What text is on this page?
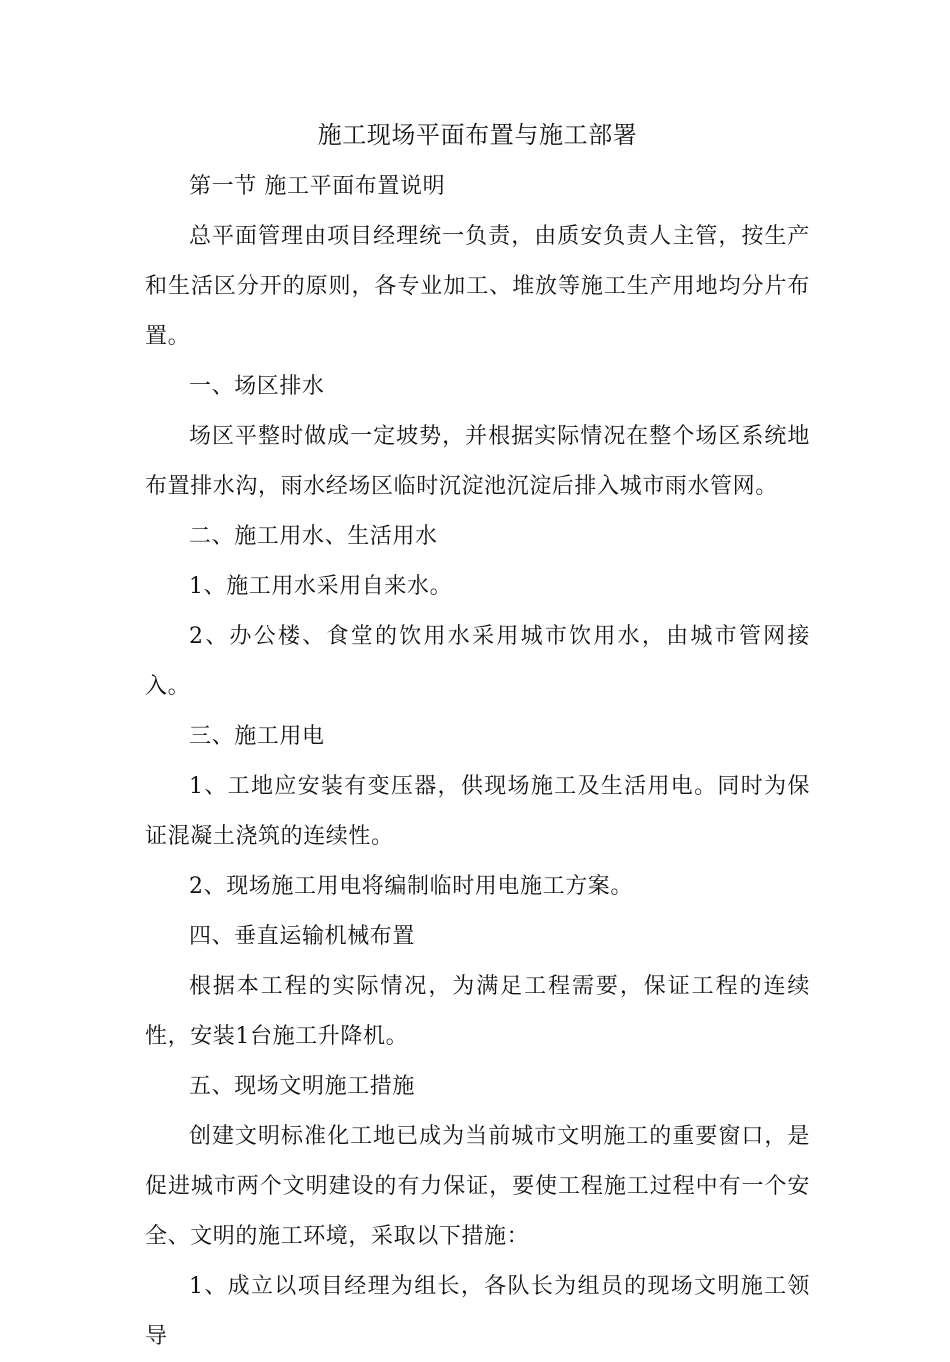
施工现场平面布置与施工部署

第一节 施工平面布置说明

总平面管理由项目经理统一负责，由质安负责人主管，按生产和生活区分开的原则，各专业加工、堆放等施工生产用地均分片布置。

一、场区排水

场区平整时做成一定坡势，并根据实际情况在整个场区系统地布置排水沟，雨水经场区临时沉淀池沉淀后排入城市雨水管网。

二、施工用水、生活用水

1、施工用水采用自来水。

2、办公楼、食堂的饮用水采用城市饮用水，由城市管网接入。

三、施工用电

1、工地应安装有变压器，供现场施工及生活用电。同时为保证混凝土浇筑的连续性。

2、现场施工用电将编制临时用电施工方案。

四、垂直运输机械布置

根据本工程的实际情况，为满足工程需要，保证工程的连续性，安装1台施工升降机。

五、现场文明施工措施

创建文明标准化工地已成为当前城市文明施工的重要窗口，是促进城市两个文明建设的有力保证，要使工程施工过程中有一个安全、文明的施工环境，采取以下措施：

1、成立以项目经理为组长，各队长为组员的现场文明施工领导
